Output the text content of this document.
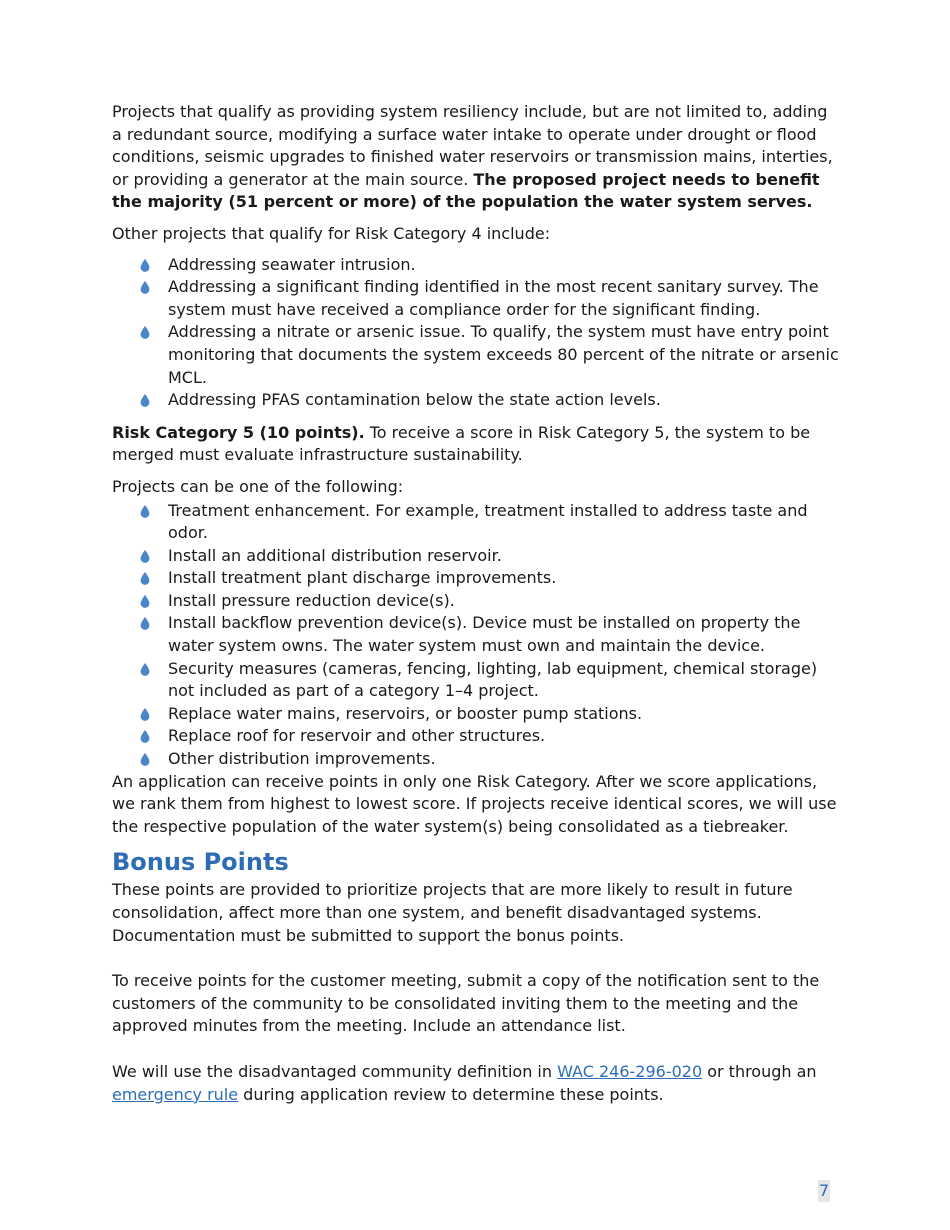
Projects that qualify as providing system resiliency include, but are not limited to, adding a redundant source, modifying a surface water intake to operate under drought or flood conditions, seismic upgrades to finished water reservoirs or transmission mains, interties, or providing a generator at the main source. The proposed project needs to benefit the majority (51 percent or more) of the population the water system serves.

Other projects that qualify for Risk Category 4 include:

Addressing seawater intrusion.
Addressing a significant finding identified in the most recent sanitary survey. The system must have received a compliance order for the significant finding.
Addressing a nitrate or arsenic issue. To qualify, the system must have entry point monitoring that documents the system exceeds 80 percent of the nitrate or arsenic MCL.
Addressing PFAS contamination below the state action levels.

Risk Category 5 (10 points). To receive a score in Risk Category 5, the system to be merged must evaluate infrastructure sustainability.

Projects can be one of the following:

Treatment enhancement. For example, treatment installed to address taste and odor.
Install an additional distribution reservoir.
Install treatment plant discharge improvements.
Install pressure reduction device(s).
Install backflow prevention device(s). Device must be installed on property the water system owns. The water system must own and maintain the device.
Security measures (cameras, fencing, lighting, lab equipment, chemical storage) not included as part of a category 1–4 project.
Replace water mains, reservoirs, or booster pump stations.
Replace roof for reservoir and other structures.
Other distribution improvements.

An application can receive points in only one Risk Category. After we score applications, we rank them from highest to lowest score. If projects receive identical scores, we will use the respective population of the water system(s) being consolidated as a tiebreaker.

Bonus Points

These points are provided to prioritize projects that are more likely to result in future consolidation, affect more than one system, and benefit disadvantaged systems. Documentation must be submitted to support the bonus points.

To receive points for the customer meeting, submit a copy of the notification sent to the customers of the community to be consolidated inviting them to the meeting and the approved minutes from the meeting. Include an attendance list.

We will use the disadvantaged community definition in WAC 246-296-020 or through an emergency rule during application review to determine these points.

7
